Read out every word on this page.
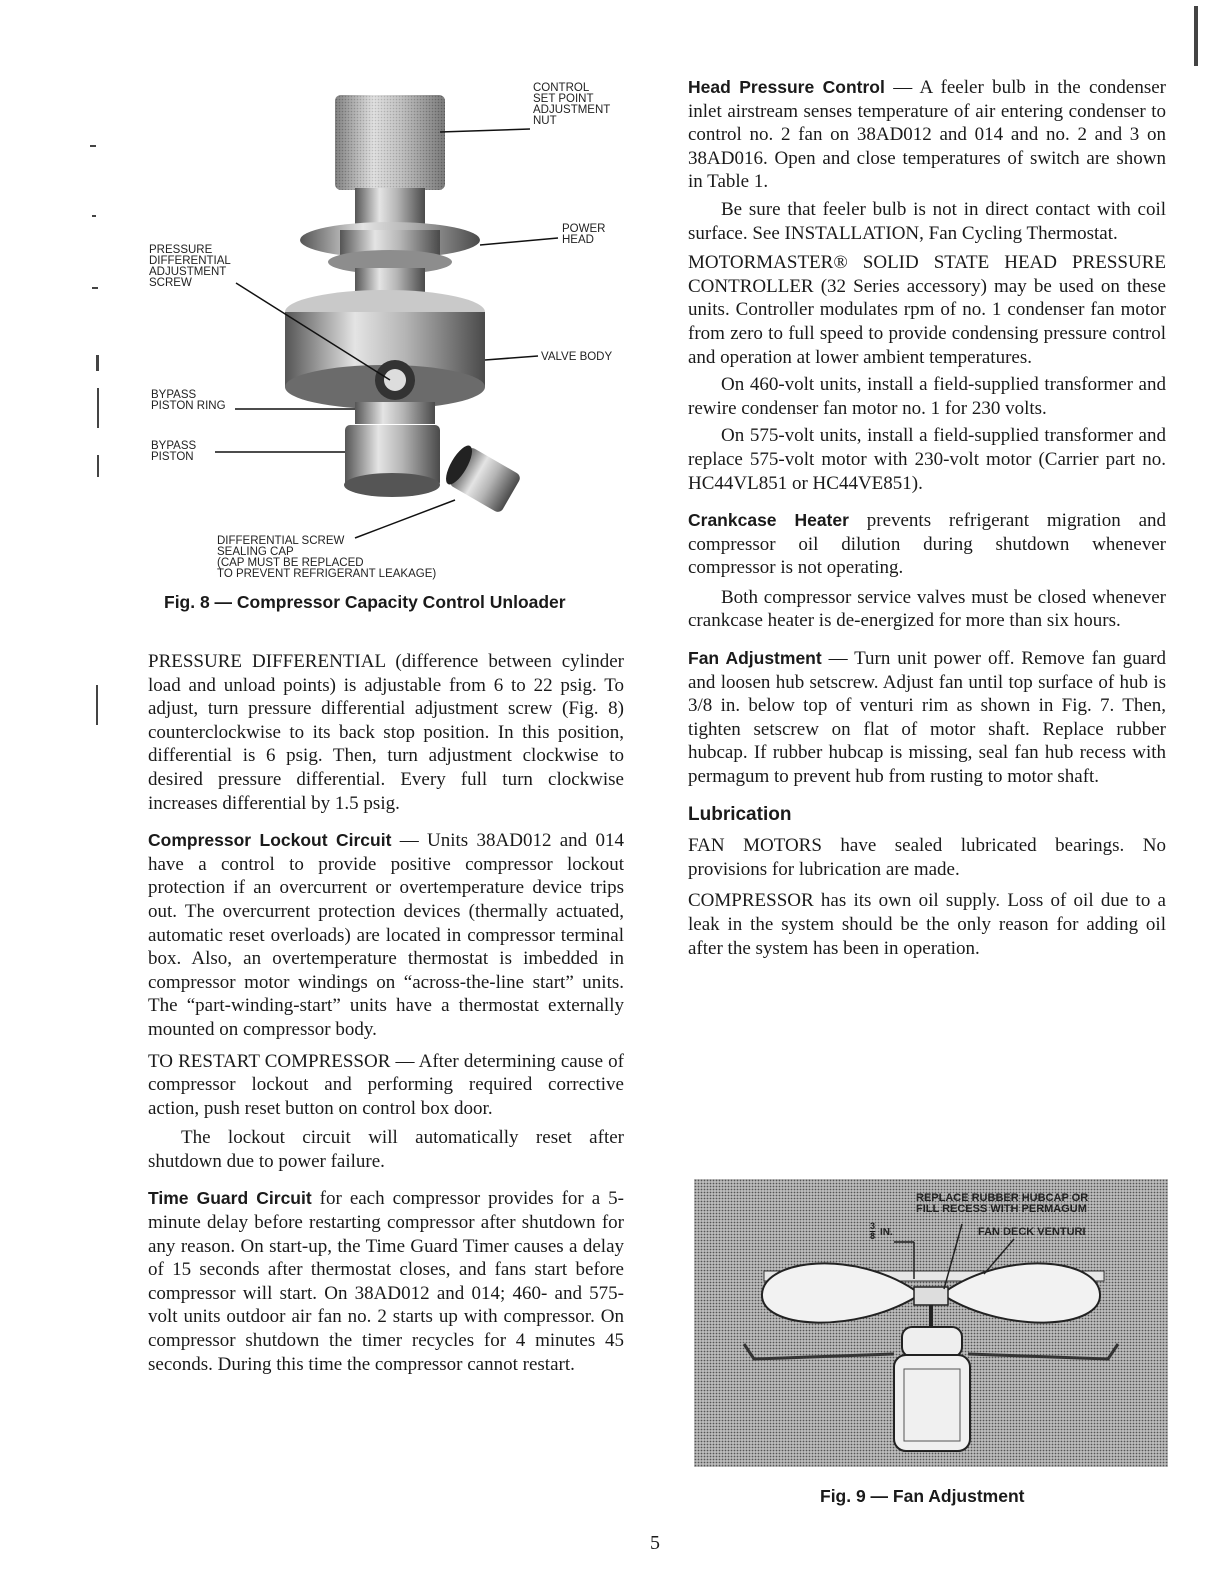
CONTROL
SET POINT
ADJUSTMENT
NUT
POWER
HEAD
VALVE BODY
PRESSURE
DIFFERENTIAL
ADJUSTMENT
SCREW
BYPASS
PISTON RING
BYPASS
PISTON
DIFFERENTIAL SCREW
SEALING CAP
(CAP MUST BE REPLACED
TO PREVENT REFRIGERANT LEAKAGE)
Fig. 8 — Compressor Capacity Control Unloader

PRESSURE DIFFERENTIAL (difference between cylinder load and unload points) is adjustable from 6 to 22 psig. To adjust, turn pressure differential adjustment screw (Fig. 8) counterclockwise to its back stop position. In this position, differential is 6 psig. Then, turn adjustment clockwise to desired pressure differential. Every full turn clockwise increases differential by 1.5 psig.

Compressor Lockout Circuit — Units 38AD012 and 014 have a control to provide positive compressor lockout protection if an overcurrent or overtemperature device trips out. The overcurrent protection devices (thermally actuated, automatic reset overloads) are located in compressor terminal box. Also, an overtemperature thermostat is imbedded in compressor motor windings on “across-the-line start” units. The “part-winding-start” units have a thermostat externally mounted on compressor body.

TO RESTART COMPRESSOR — After determining cause of compressor lockout and performing required corrective action, push reset button on control box door.

The lockout circuit will automatically reset after shutdown due to power failure.

Time Guard Circuit for each compressor provides for a 5-minute delay before restarting compressor after shutdown for any reason. On start-up, the Time Guard Timer causes a delay of 15 seconds after thermostat closes, and fans start before compressor will start. On 38AD012 and 014; 460- and 575-volt units outdoor air fan no. 2 starts up with compressor. On compressor shutdown the timer recycles for 4 minutes 45 seconds. During this time the compressor cannot restart.

Head Pressure Control — A feeler bulb in the condenser inlet airstream senses temperature of air entering condenser to control no. 2 fan on 38AD012 and 014 and no. 2 and 3 on 38AD016. Open and close temperatures of switch are shown in Table 1.

Be sure that feeler bulb is not in direct contact with coil surface. See INSTALLATION, Fan Cycling Thermostat.

MOTORMASTER® SOLID STATE HEAD PRESSURE CONTROLLER (32 Series accessory) may be used on these units. Controller modulates rpm of no. 1 condenser fan motor from zero to full speed to provide condensing pressure control and operation at lower ambient temperatures.

On 460-volt units, install a field-supplied transformer and rewire condenser fan motor no. 1 for 230 volts.

On 575-volt units, install a field-supplied transformer and replace 575-volt motor with 230-volt motor (Carrier part no. HC44VL851 or HC44VE851).

Crankcase Heater prevents refrigerant migration and compressor oil dilution during shutdown whenever compressor is not operating.

Both compressor service valves must be closed whenever crankcase heater is de-energized for more than six hours.

Fan Adjustment — Turn unit power off. Remove fan guard and loosen hub setscrew. Adjust fan until top surface of hub is 3/8 in. below top of venturi rim as shown in Fig. 7. Then, tighten setscrew on flat of motor shaft. Replace rubber hubcap. If rubber hubcap is missing, seal fan hub recess with permagum to prevent hub from rusting to motor shaft.

Lubrication

FAN MOTORS have sealed lubricated bearings. No provisions for lubrication are made.

COMPRESSOR has its own oil supply. Loss of oil due to a leak in the system should be the only reason for adding oil after the system has been in operation.

REPLACE RUBBER HUBCAP OR
FILL RECESS WITH PERMAGUM
FAN DECK VENTURI
$\frac{3}{8}$ IN.
Fig. 9 — Fan Adjustment
5
